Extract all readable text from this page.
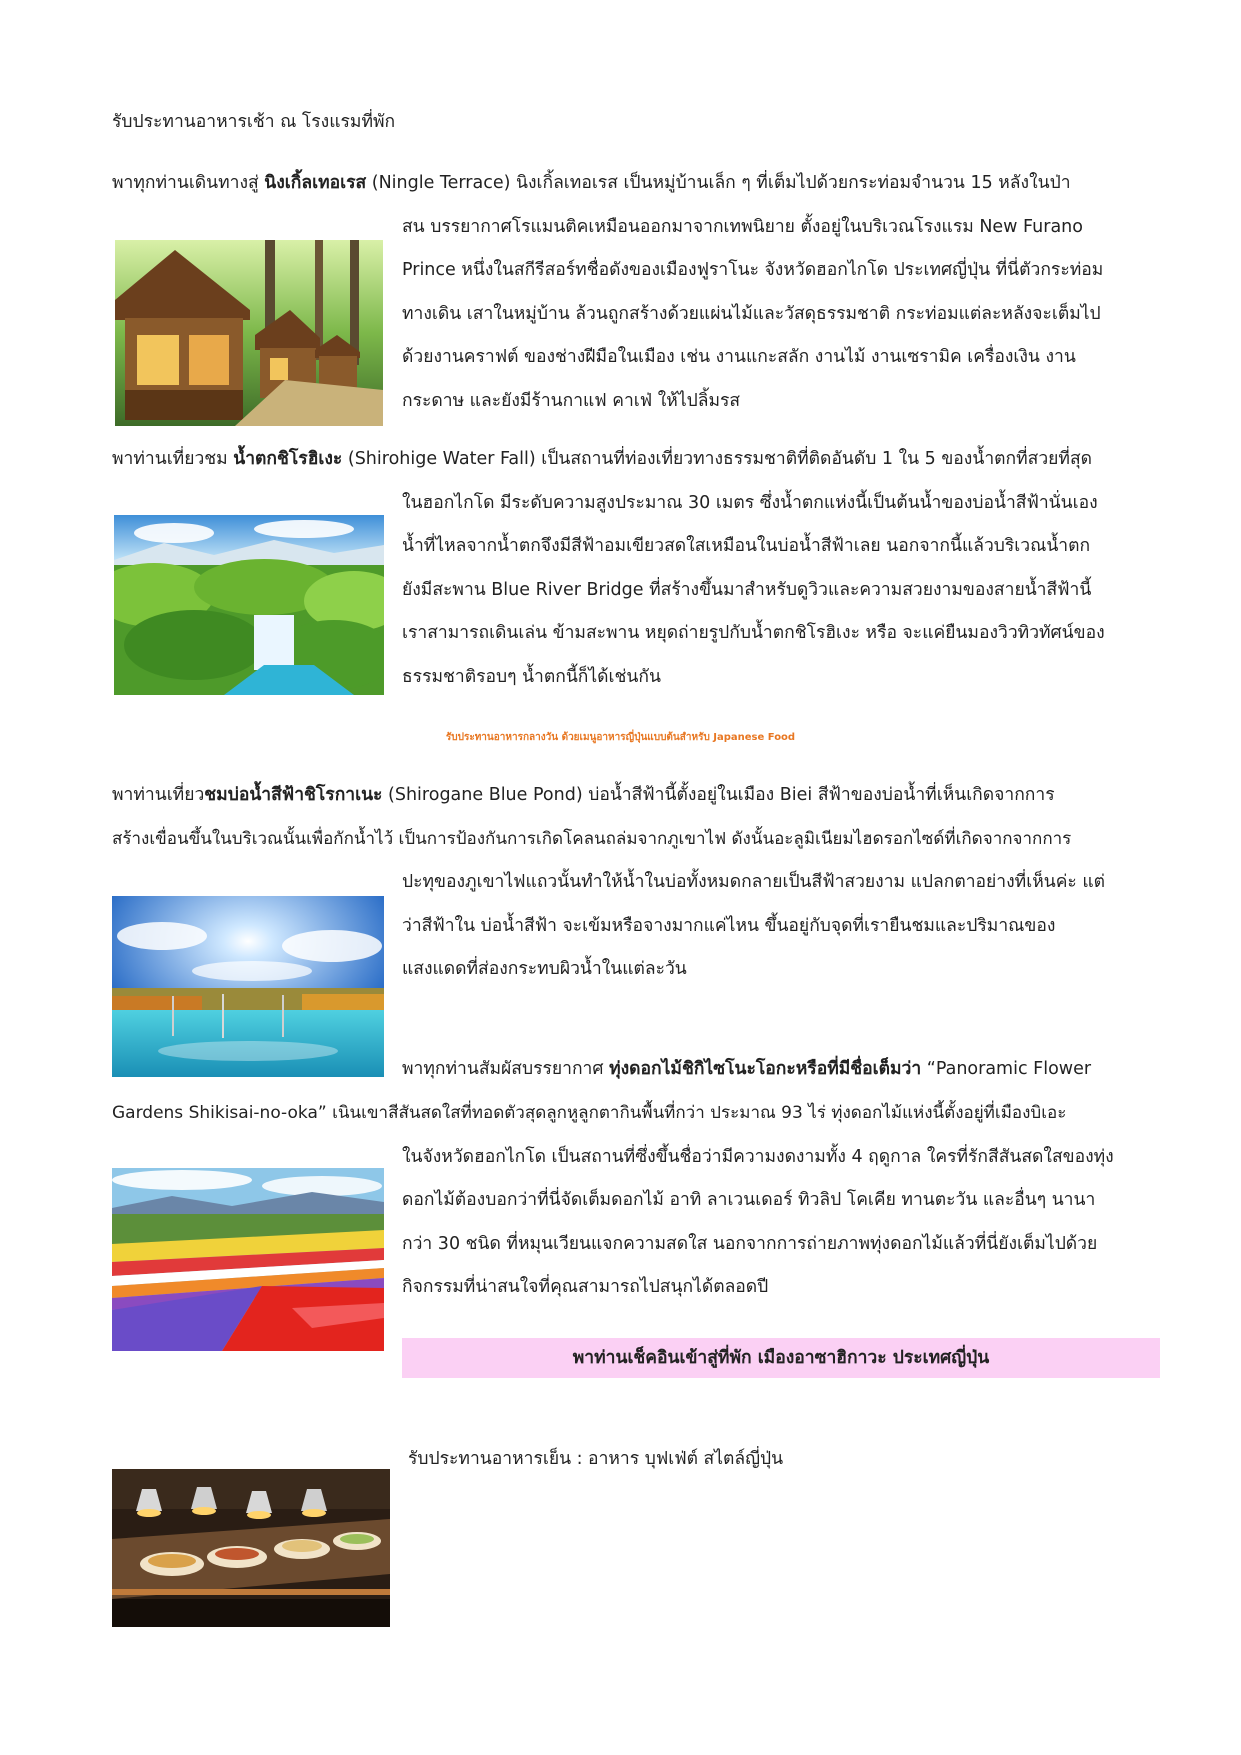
รับประทานอาหารเช้า ณ โรงแรมที่พัก
พาทุกท่านเดินทางสู่ นิงเกิ้ลเทอเรส (Ningle Terrace) นิงเกิ้ลเทอเรส เป็นหมู่บ้านเล็ก ๆ ที่เต็มไปด้วยกระท่อมจำนวน 15 หลังในป่า
สน บรรยากาศโรแมนติคเหมือนออกมาจากเทพนิยาย ตั้งอยู่ในบริเวณโรงแรม New Furano
Prince หนึ่งในสกีรีสอร์ทชื่อดังของเมืองฟูราโนะ จังหวัดฮอกไกโด ประเทศญี่ปุ่น ที่นี่ตัวกระท่อม
ทางเดิน เสาในหมู่บ้าน ล้วนถูกสร้างด้วยแผ่นไม้และวัสดุธรรมชาติ กระท่อมแต่ละหลังจะเต็มไป
ด้วยงานคราฟต์ ของช่างฝีมือในเมือง เช่น งานแกะสลัก งานไม้ งานเซรามิค เครื่องเงิน งาน
กระดาษ และยังมีร้านกาแฟ คาเฟ่ ให้ไปลิ้มรส
พาท่านเที่ยวชม น้ำตกชิโรฮิเงะ (Shirohige Water Fall) เป็นสถานที่ท่องเที่ยวทางธรรมชาติที่ติดอันดับ 1 ใน 5 ของน้ำตกที่สวยที่สุด
ในฮอกไกโด มีระดับความสูงประมาณ 30 เมตร ซึ่งน้ำตกแห่งนี้เป็นต้นน้ำของบ่อน้ำสีฟ้านั่นเอง
น้ำที่ไหลจากน้ำตกจึงมีสีฟ้าอมเขียวสดใสเหมือนในบ่อน้ำสีฟ้าเลย นอกจากนี้แล้วบริเวณน้ำตก
ยังมีสะพาน Blue River Bridge ที่สร้างขึ้นมาสำหรับดูวิวและความสวยงามของสายน้ำสีฟ้านี้
เราสามารถเดินเล่น ข้ามสะพาน หยุดถ่ายรูปกับน้ำตกชิโรฮิเงะ หรือ จะแค่ยืนมองวิวทิวทัศน์ของ
ธรรมชาติรอบๆ น้ำตกนี้ก็ได้เช่นกัน
รับประทานอาหารกลางวัน ด้วยเมนูอาหารญี่ปุ่นแบบต้นสำหรับ Japanese Food
พาท่านเที่ยวชมบ่อน้ำสีฟ้าชิโรกาเนะ (Shirogane Blue Pond) บ่อน้ำสีฟ้านี้ตั้งอยู่ในเมือง Biei สีฟ้าของบ่อน้ำที่เห็นเกิดจากการ
สร้างเขื่อนขึ้นในบริเวณนั้นเพื่อกักน้ำไว้ เป็นการป้องกันการเกิดโคลนถล่มจากภูเขาไฟ ดังนั้นอะลูมิเนียมไฮดรอกไซด์ที่เกิดจากจากการ
ปะทุของภูเขาไฟแถวนั้นทำให้น้ำในบ่อทั้งหมดกลายเป็นสีฟ้าสวยงาม แปลกตาอย่างที่เห็นค่ะ แต่
ว่าสีฟ้าใน บ่อน้ำสีฟ้า จะเข้มหรือจางมากแค่ไหน ขึ้นอยู่กับจุดที่เรายืนชมและปริมาณของ
แสงแดดที่ส่องกระทบผิวน้ำในแต่ละวัน
พาทุกท่านสัมผัสบรรยากาศ ทุ่งดอกไม้ชิกิไซโนะโอกะหรือที่มีชื่อเต็มว่า “Panoramic Flower
Gardens Shikisai-no-oka” เนินเขาสีสันสดใสที่ทอดตัวสุดลูกหูลูกตากินพื้นที่กว่า ประมาณ 93 ไร่ ทุ่งดอกไม้แห่งนี้ตั้งอยู่ที่เมืองบิเอะ
ในจังหวัดฮอกไกโด เป็นสถานที่ซึ่งขึ้นชื่อว่ามีความงดงามทั้ง 4 ฤดูกาล ใครที่รักสีสันสดใสของทุ่ง
ดอกไม้ต้องบอกว่าที่นี่จัดเต็มดอกไม้ อาทิ ลาเวนเดอร์ ทิวลิป โคเคีย ทานตะวัน และอื่นๆ นานา
กว่า 30 ชนิด ที่หมุนเวียนแจกความสดใส นอกจากการถ่ายภาพทุ่งดอกไม้แล้วที่นี่ยังเต็มไปด้วย
กิจกรรมที่น่าสนใจที่คุณสามารถไปสนุกได้ตลอดปี
พาท่านเช็คอินเข้าสู่ที่พัก เมืองอาซาฮิกาวะ ประเทศญี่ปุ่น
รับประทานอาหารเย็น : อาหาร บุฟเฟ่ต์ สไตล์ญี่ปุ่น
